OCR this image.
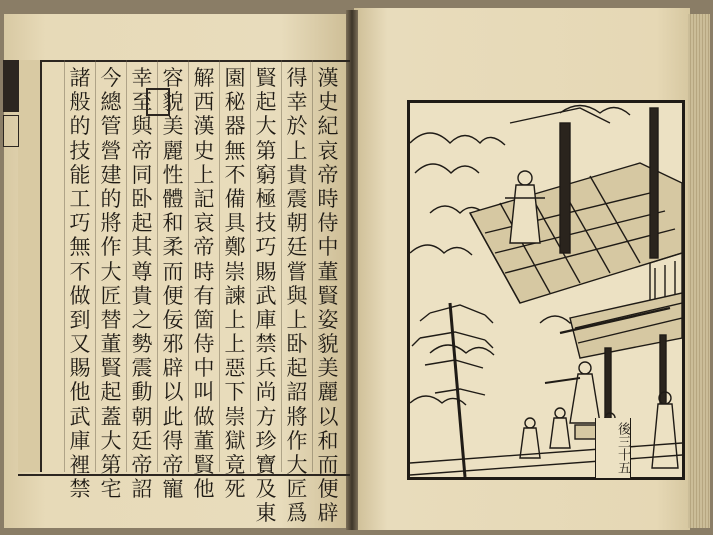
漢
史
紀
哀
帝
時
侍
中
董
賢
姿
貌
美
麗
以
和
而
便
辟
得
幸
於
上
貴
震
朝
廷
嘗
與
上
卧
起
詔
將
作
大
匠
爲
賢
起
大
第
窮
極
技
巧
賜
武
庫
禁
兵
尚
方
珍
寶
及
東
園
秘
器
無
不
備
具
鄭
崇
諫
上
上
惡
下
崇
獄
竟
死
解
西
漢
史
上
記
哀
帝
時
有
箇
侍
中
叫
做
董
賢
他
容
貌
美
麗
性
體
和
柔
而
便
佞
邪
辟
以
此
得
帝
寵
幸
至
與
帝
同
卧
起
其
尊
貴
之
勢
震
動
朝
廷
帝
詔
今
總
管
營
建
的
將
作
大
匠
替
董
賢
起
蓋
大
第
宅
諸
般
的
技
能
工
巧
無
不
做
到
又
賜
他
武
庫
裡
禁
後三十五
